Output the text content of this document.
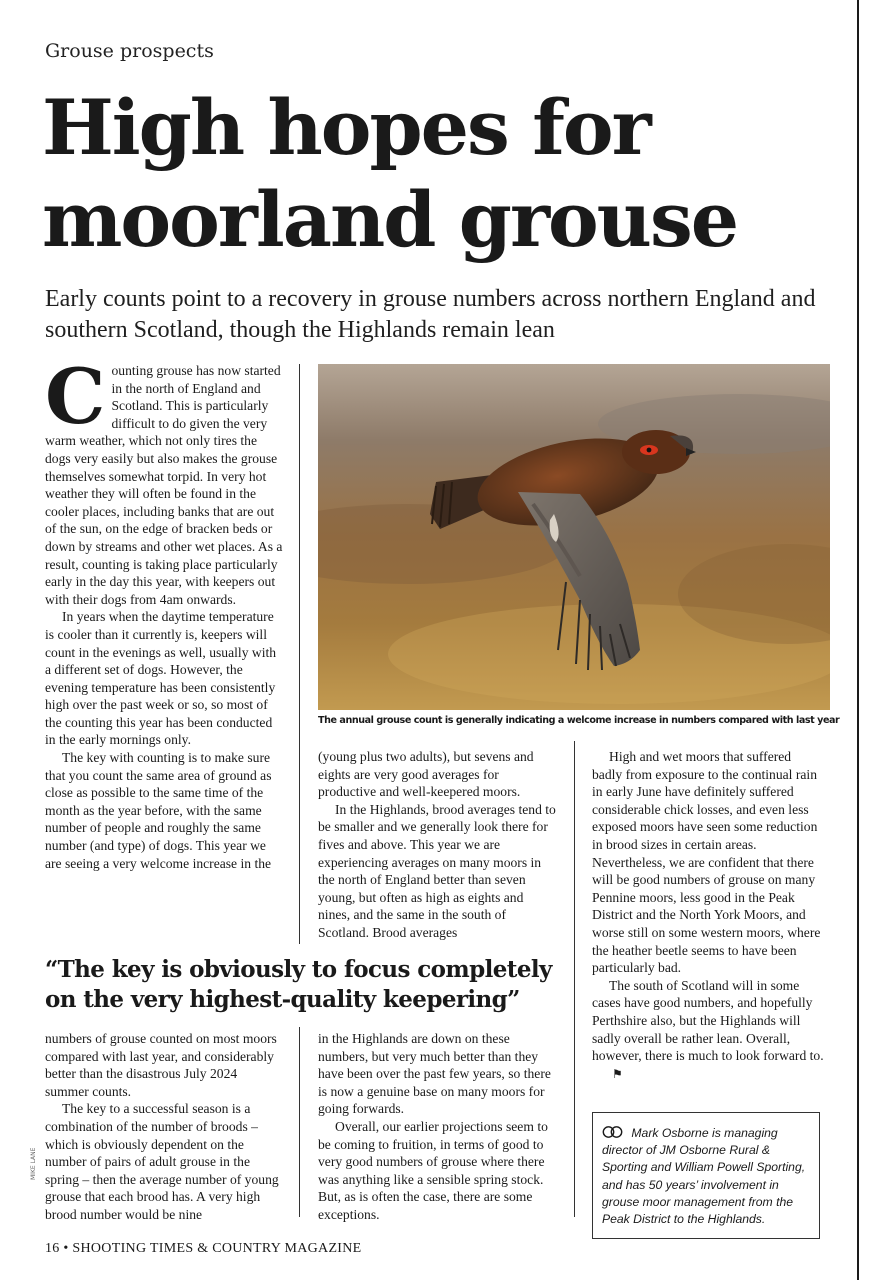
Grouse prospects
High hopes for
moorland grouse
Early counts point to a recovery in grouse numbers across northern England and southern Scotland, though the Highlands remain lean
C ounting grouse has now started in the north of England and Scotland. This is particularly difficult to do given the very warm weather, which not only tires the dogs very easily but also makes the grouse themselves somewhat torpid. In very hot weather they will often be found in the cooler places, including banks that are out of the sun, on the edge of bracken beds or down by streams and other wet places. As a result, counting is taking place particularly early in the day this year, with keepers out with their dogs from 4am onwards.

In years when the daytime temperature is cooler than it currently is, keepers will count in the evenings as well, usually with a different set of dogs. However, the evening temperature has been consistently high over the past week or so, so most of the counting this year has been conducted in the early mornings only.

The key with counting is to make sure that you count the same area of ground as close as possible to the same time of the month as the year before, with the same number of people and roughly the same number (and type) of dogs. This year we are seeing a very welcome increase in the

The annual grouse count is generally indicating a welcome increase in numbers compared with last year

(young plus two adults), but sevens and eights are very good averages for productive and well-keepered moors.

In the Highlands, brood averages tend to be smaller and we generally look there for fives and above. This year we are experiencing averages on many moors in the north of England better than seven young, but often as high as eights and nines, and the same in the south of Scotland. Brood averages

High and wet moors that suffered badly from exposure to the continual rain in early June have definitely suffered considerable chick losses, and even less exposed moors have seen some reduction in brood sizes in certain areas. Nevertheless, we are confident that there will be good numbers of grouse on many Pennine moors, less good in the Peak District and the North York Moors, and worse still on some western moors, where the heather beetle seems to have been particularly bad.

The south of Scotland will in some cases have good numbers, and hopefully Perthshire also, but the Highlands will sadly overall be rather lean. Overall, however, there is much to look forward to.⚑

“The key is obviously to focus completely on the very highest-quality keepering”

numbers of grouse counted on most moors compared with last year, and considerably better than the disastrous July 2024 summer counts.

The key to a successful season is a combination of the number of broods – which is obviously dependent on the number of pairs of adult grouse in the spring – then the average number of young grouse that each brood has. A very high brood number would be nine

in the Highlands are down on these numbers, but very much better than they have been over the past few years, so there is now a genuine base on many moors for going forwards.

Overall, our earlier projections seem to be coming to fruition, in terms of good to very good numbers of grouse where there was anything like a sensible spring stock. But, as is often the case, there are some exceptions.

Mark Osborne is managing director of JM Osborne Rural & Sporting and William Powell Sporting, and has 50 years’ involvement in grouse moor management from the Peak District to the Highlands.
MIKE LANE
16 • SHOOTING TIMES & COUNTRY MAGAZINE
